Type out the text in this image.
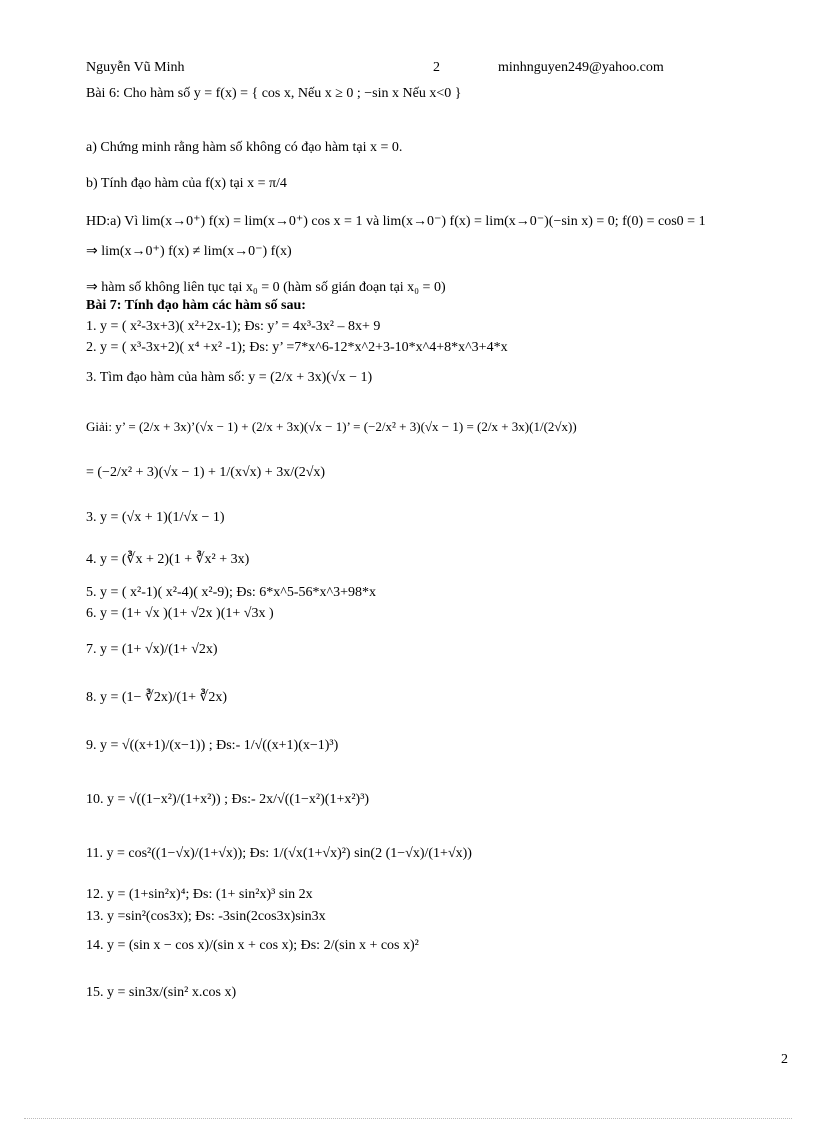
Nguyễn Vũ Minh	2	minhnguyen249@yahoo.com
Bài 6: Cho hàm số y = f(x) = { cos x, Nếu x ≥ 0 ; −sin x Nếu x<0 }
a) Chứng minh rằng hàm số không có đạo hàm tại x = 0.
b) Tính đạo hàm của f(x) tại x = π/4
HD:a) Vì lim(x→0⁺) f(x) = lim(x→0⁺) cos x = 1 và lim(x→0⁻) f(x) = lim(x→0⁻)(−sin x) = 0; f(0) = cos0 = 1
⇒ lim(x→0⁺) f(x) ≠ lim(x→0⁻) f(x)
⇒ hàm số không liên tục tại x₀ = 0 (hàm số gián đoạn tại x₀ = 0)
Bài 7: Tính đạo hàm các hàm số sau:
1. y = ( x²-3x+3)( x²+2x-1); Đs: y’ = 4x³-3x² – 8x+ 9
2. y = ( x³-3x+2)( x⁴ +x² -1); Đs: y’ =7*x^6-12*x^2+3-10*x^4+8*x^3+4*x
3. Tìm đạo hàm của hàm số: y = (2/x + 3x)(√x − 1)
Giải: y’ = (2/x + 3x)’(√x − 1) + (2/x + 3x)(√x − 1)’ = (−2/x² + 3)(√x − 1) = (2/x + 3x)(1/(2√x))
= (−2/x² + 3)(√x − 1) + 1/(x√x) + 3x/(2√x)
3. y = (√x + 1)(1/√x − 1)
4. y = (∛x + 2)(1 + ∛x² + 3x)
5. y = ( x²-1)( x²-4)( x²-9); Đs: 6*x^5-56*x^3+98*x
6. y = (1+ √x )(1+ √2x )(1+ √3x )
7. y = (1+ √x)/(1+ √2x)
8. y = (1− ∛2x)/(1+ ∛2x)
9. y = √((x+1)/(x−1)) ; Đs:- 1/√((x+1)(x−1)³)
10. y = √((1−x²)/(1+x²)) ; Đs:- 2x/√((1−x²)(1+x²)³)
11. y = cos²((1−√x)/(1+√x)); Đs: 1/(√x(1+√x)²) sin(2 (1−√x)/(1+√x))
12. y = (1+sin²x)⁴; Đs: (1+ sin²x)³ sin 2x
13. y =sin²(cos3x); Đs: -3sin(2cos3x)sin3x
14. y = (sin x − cos x)/(sin x + cos x); Đs: 2/(sin x + cos x)²
15. y = sin3x/(sin² x.cos x)
2
